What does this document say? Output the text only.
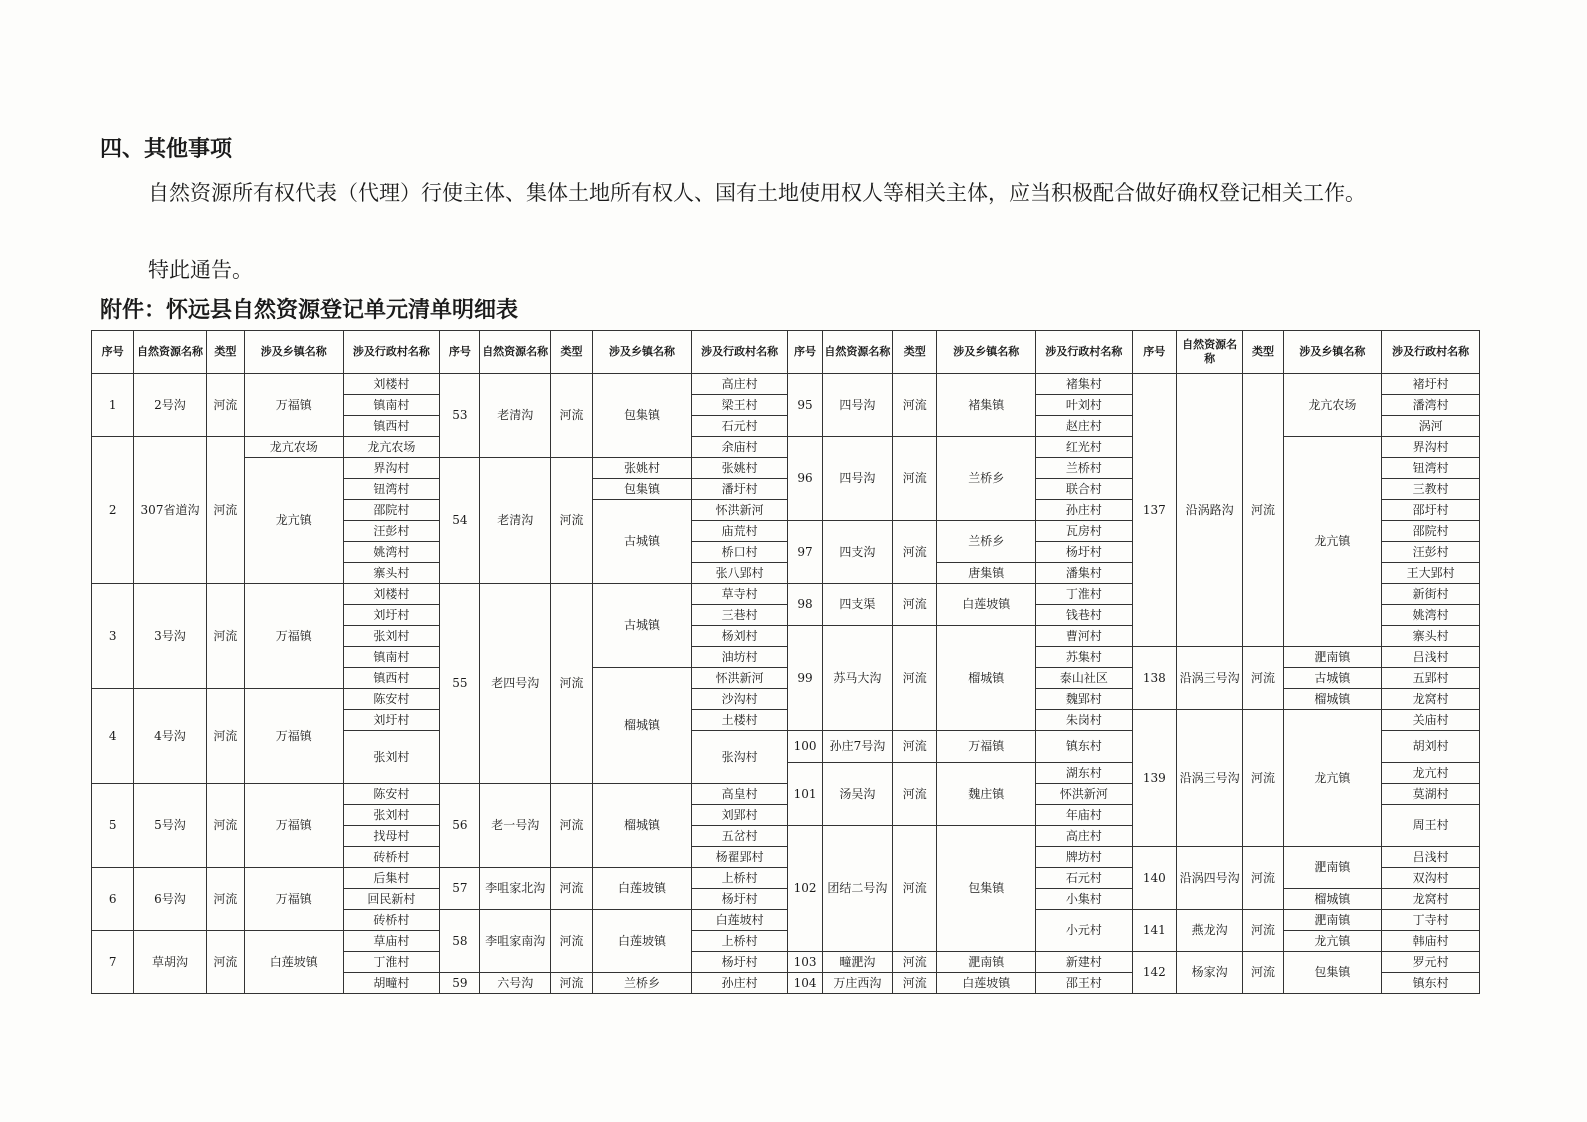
四、其他事项
自然资源所有权代表（代理）行使主体、集体土地所有权人、国有土地使用权人等相关主体，应当积极配合做好确权登记相关工作。
特此通告。
附件：怀远县自然资源登记单元清单明细表
序号	自然资源名称	类型	涉及乡镇名称	涉及行政村名称	序号	自然资源名称	类型	涉及乡镇名称	涉及行政村名称	序号	自然资源名称	类型	涉及乡镇名称	涉及行政村名称	序号	自然资源名称	类型	涉及乡镇名称	涉及行政村名称
1	2号沟	河流	万福镇	刘楼村	53	老清沟	河流	包集镇	高庄村	95	四号沟	河流	褚集镇	褚集村	137	沿涡路沟	河流	龙亢农场	褚圩村
				镇南村					梁王村					叶刘村					潘湾村
				镇西村					石元村					赵庄村					涡河
2	307省道沟	河流	龙亢农场	龙亢农场					余庙村	96	四号沟	河流	兰桥乡	红光村				龙亢镇	界沟村
			龙亢镇	界沟村	54	老清沟	河流	张姚村	张姚村					兰桥村					钮湾村
				钮湾村				包集镇	潘圩村					联合村					三教村
				邵院村				古城镇	怀洪新河					孙庄村					邵圩村
				汪彭村					庙荒村	97	四支沟	河流	兰桥乡	瓦房村					邵院村
				姚湾村					桥口村					杨圩村					汪彭村
				寨头村					张八郢村				唐集镇	潘集村					王大郢村
3	3号沟	河流	万福镇	刘楼村	55	老四号沟	河流	古城镇	草寺村	98	四支渠	河流	白莲坡镇	丁淮村					新街村
				刘圩村					三巷村					钱巷村					姚湾村
				张刘村					杨刘村	99	苏马大沟	河流	榴城镇	曹河村					寨头村
				镇南村					油坊村					苏集村	138	沿涡三号沟	河流	淝南镇	吕浅村
				镇西村				榴城镇	怀洪新河					泰山社区				古城镇	五郢村
4	4号沟	河流	万福镇	陈安村					沙沟村					魏郢村				榴城镇	龙窝村
				刘圩村					土楼村					朱岗村	139	沿涡三号沟	河流	龙亢镇	关庙村
				张刘村					张沟村	100	孙庄7号沟	河流	万福镇	镇东村					胡刘村
										101	汤吴沟	河流	魏庄镇	湖东村					龙亢村
5	5号沟	河流	万福镇	陈安村	56	老一号沟	河流	榴城镇	高皇村					怀洪新河					莫湖村
				张刘村					刘郢村					年庙村					周王村
				找母村					五岔村	102	团结二号沟	河流	包集镇	高庄村					
				砖桥村					杨翟郢村					牌坊村	140	沿涡四号沟	河流	淝南镇	吕浅村
6	6号沟	河流	万福镇	后集村	57	李咀家北沟	河流	白莲坡镇	上桥村					石元村					双沟村
				回民新村					杨圩村					小集村				榴城镇	龙窝村
				砖桥村	58	李咀家南沟	河流	白莲坡镇	白莲坡村					小元村	141	燕龙沟	河流	淝南镇	丁寺村
7	草胡沟	河流	白莲坡镇	草庙村					上桥村									龙亢镇	韩庙村
				丁淮村					杨圩村	103	疃淝沟	河流	淝南镇	新建村	142	杨家沟	河流	包集镇	罗元村
				胡疃村	59	六号沟	河流	兰桥乡	孙庄村	104	万庄西沟	河流	白莲坡镇	邵王村					镇东村
